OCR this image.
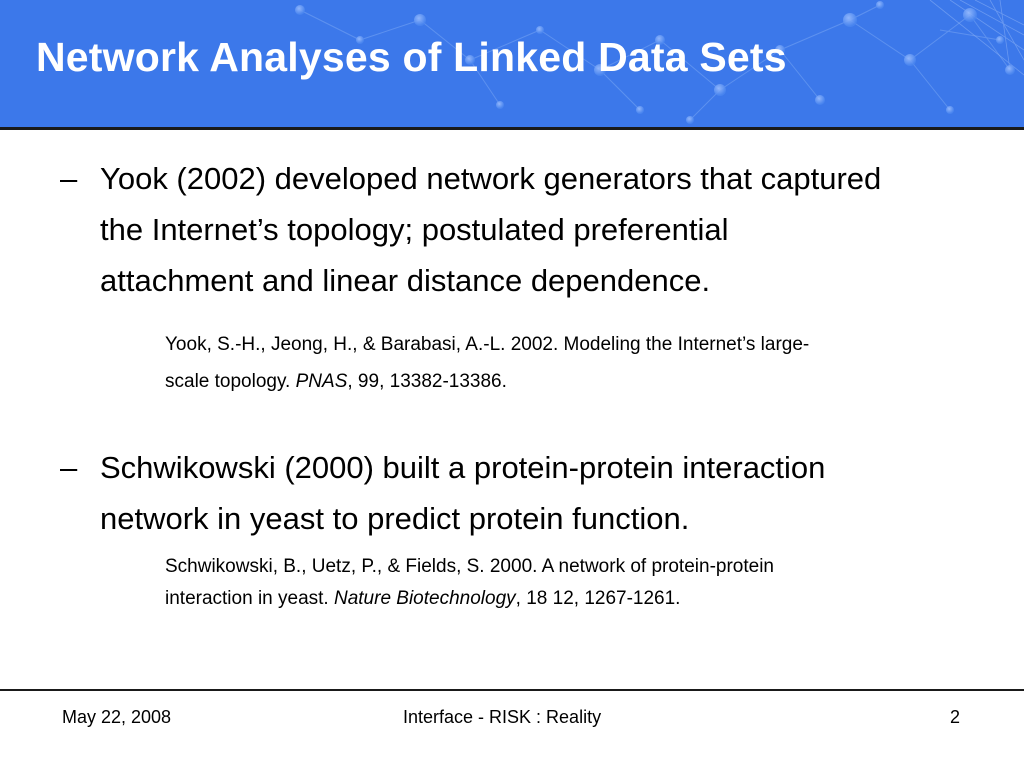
Network Analyses of Linked Data Sets
– Yook (2002) developed network generators that captured
the Internet’s topology; postulated preferential
attachment and linear distance dependence.
Yook, S.-H., Jeong, H., & Barabasi, A.-L. 2002. Modeling the Internet’s large-
scale topology. PNAS, 99, 13382-13386.
– Schwikowski (2000) built a protein-protein interaction
network in yeast to predict protein function.
Schwikowski, B., Uetz, P., & Fields, S. 2000. A network of protein-protein
interaction in yeast. Nature Biotechnology, 18 12, 1267-1261.
May 22, 2008	Interface - RISK : Reality	2
